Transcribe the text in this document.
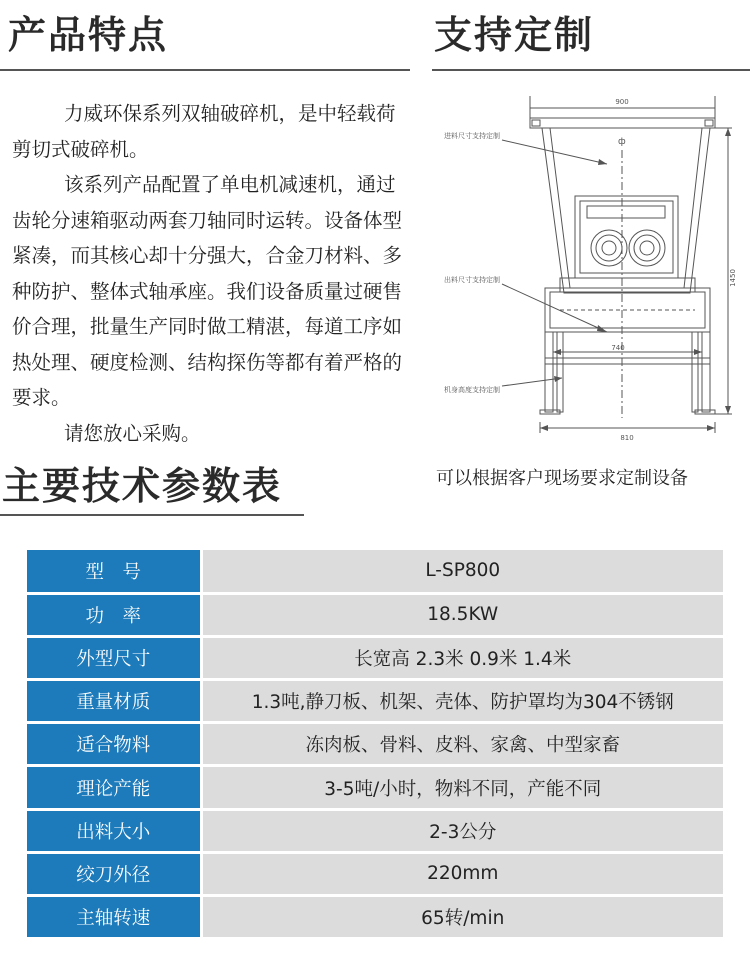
产品特点	支持定制

力威环保系列双轴破碎机，是中轻载荷剪切式破碎机。

该系列产品配置了单电机减速机，通过齿轮分速箱驱动两套刀轴同时运转。设备体型紧凑，而其核心却十分强大，合金刀材料、多种防护、整体式轴承座。我们设备质量过硬售价合理，批量生产同时做工精湛，每道工序如热处理、硬度检测、结构探伤等都有着严格的要求。

请您放心采购。

900
740
810
1450
ф
进料尺寸支持定制
出料尺寸支持定制
机身高度支持定制
主要技术参数表	可以根据客户现场要求定制设备
型　号	L-SP800
功　率	18.5KW
外型尺寸	长宽高 2.3米 0.9米 1.4米
重量材质	1.3吨,静刀板、机架、壳体、防护罩均为304不锈钢
适合物料	冻肉板、骨料、皮料、家禽、中型家畜
理论产能	3-5吨/小时，物料不同，产能不同
出料大小	2-3公分
绞刀外径	220mm
主轴转速	65转/min
